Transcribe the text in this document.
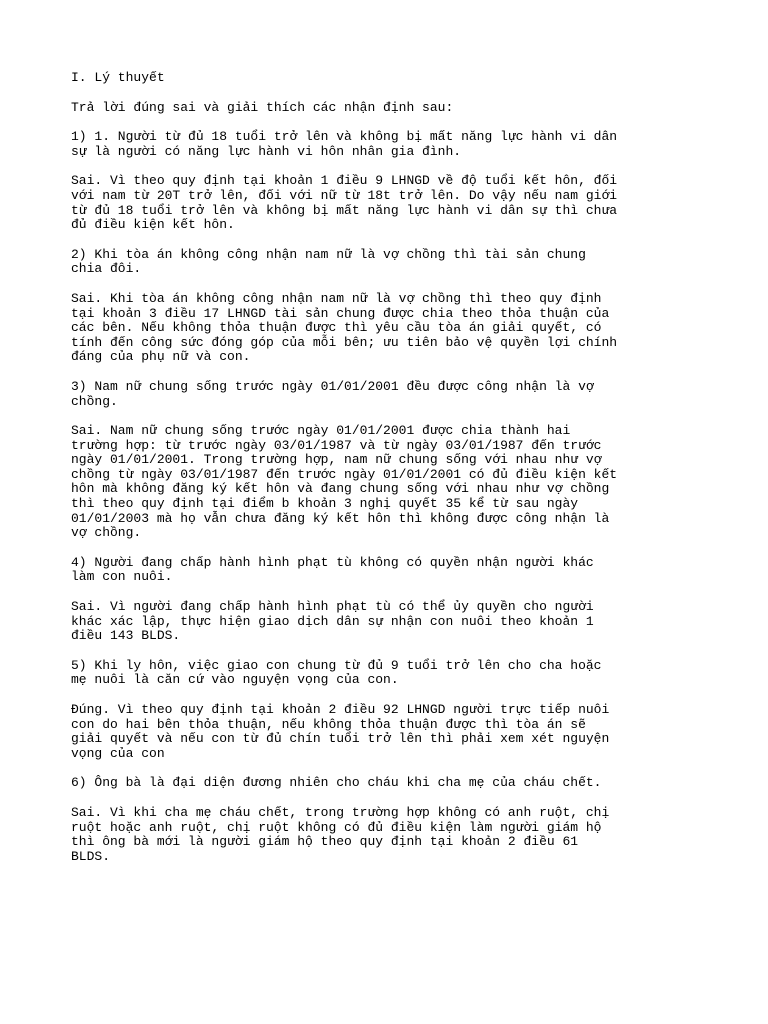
I. Lý thuyết
Trả lời đúng sai và giải thích các nhận định sau:
1) 1. Người từ đủ 18 tuổi trở lên và không bị mất năng lực hành vi dân
sự là người có năng lực hành vi hôn nhân gia đình.
Sai. Vì theo quy định tại khoản 1 điều 9 LHNGD về độ tuổi kết hôn, đối
với nam từ 20T trở lên, đối với nữ từ 18t trở lên. Do vậy nếu nam giới
từ đủ 18 tuổi trở lên và không bị mất năng lực hành vi dân sự thì chưa
đủ điều kiện kết hôn.
2) Khi tòa án không công nhận nam nữ là vợ chồng thì tài sản chung
chia đôi.
Sai. Khi tòa án không công nhận nam nữ là vợ chồng thì theo quy định
tại khoản 3 điều 17 LHNGD tài sản chung được chia theo thỏa thuận của
các bên. Nếu không thỏa thuận được thì yêu cầu tòa án giải quyết, có
tính đến công sức đóng góp của mỗi bên; ưu tiên bảo vệ quyền lợi chính
đáng của phụ nữ và con.
3) Nam nữ chung sống trước ngày 01/01/2001 đều được công nhận là vợ
chồng.
Sai. Nam nữ chung sống trước ngày 01/01/2001 được chia thành hai
trường hợp: từ trước ngày 03/01/1987 và từ ngày 03/01/1987 đến trước
ngày 01/01/2001. Trong trường hợp, nam nữ chung sống với nhau như vợ
chồng từ ngày 03/01/1987 đến trước ngày 01/01/2001 có đủ điều kiện kết
hôn mà không đăng ký kết hôn và đang chung sống với nhau như vợ chồng
thì theo quy định tại điểm b khoản 3 nghị quyết 35 kể từ sau ngày
01/01/2003 mà họ vẫn chưa đăng ký kết hôn thì không được công nhận là
vợ chồng.
4) Người đang chấp hành hình phạt tù không có quyền nhận người khác
làm con nuôi.
Sai. Vì người đang chấp hành hình phạt tù có thể ủy quyền cho người
khác xác lập, thực hiện giao dịch dân sự nhận con nuôi theo khoản 1
điều 143 BLDS.
5) Khi ly hôn, việc giao con chung từ đủ 9 tuổi trở lên cho cha hoặc
mẹ nuôi là căn cứ vào nguyện vọng của con.
Đúng. Vì theo quy định tại khoản 2 điều 92 LHNGD người trực tiếp nuôi
con do hai bên thỏa thuận, nếu không thỏa thuận được thì tòa án sẽ
giải quyết và nếu con từ đủ chín tuổi trở lên thì phải xem xét nguyện
vọng của con
6) Ông bà là đại diện đương nhiên cho cháu khi cha mẹ của cháu chết.
Sai. Vì khi cha mẹ cháu chết, trong trường hợp không có anh ruột, chị
ruột hoặc anh ruột, chị ruột không có đủ điều kiện làm người giám hộ
thì ông bà mới là người giám hộ theo quy định tại khoản 2 điều 61
BLDS.
